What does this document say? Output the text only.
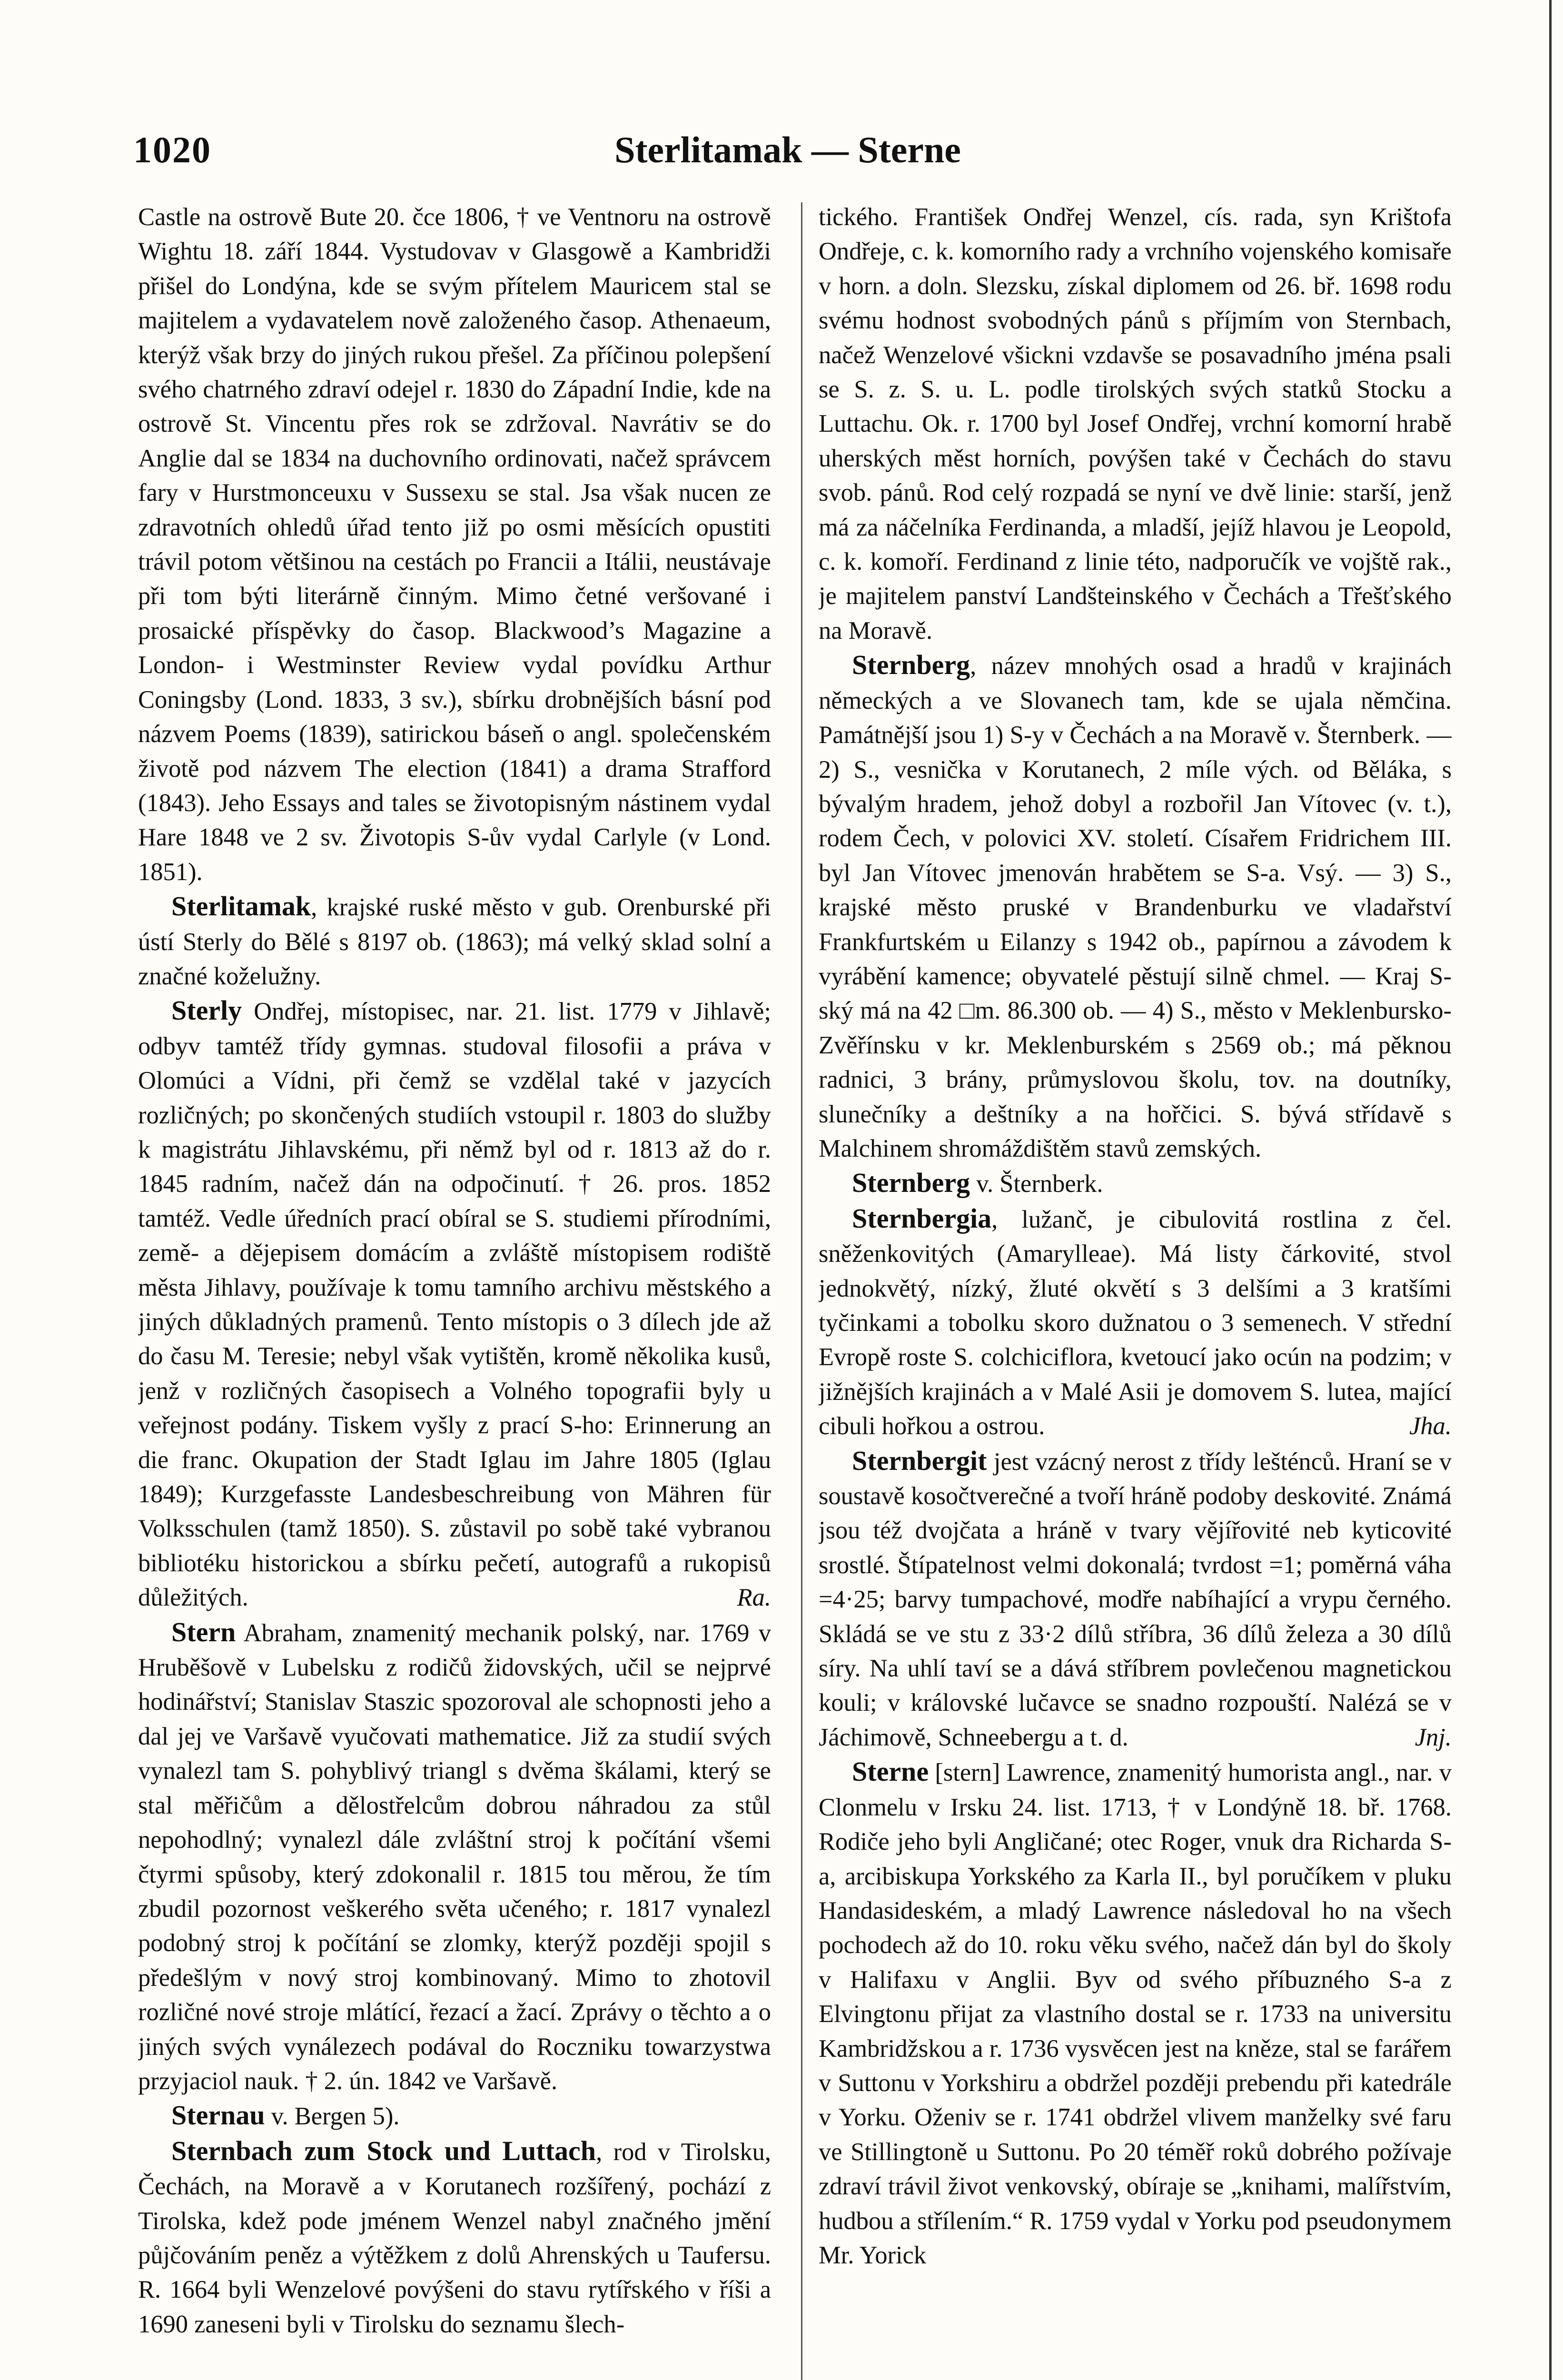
1020	Sterlitamak — Sterne

Castle na ostrově Bute 20. čce 1806, † ve Ventnoru na ostrově Wightu 18. září 1844. Vystudovav v Glasgowě a Kambridži přišel do Londýna, kde se svým přítelem Mauricem stal se majitelem a vydavatelem nově založeného časop. Athenaeum, kterýž však brzy do jiných rukou přešel. Za příčinou polepšení svého chatrného zdraví odejel r. 1830 do Západní Indie, kde na ostrově St. Vincentu přes rok se zdržoval. Navrátiv se do Anglie dal se 1834 na duchovního ordinovati, načež správcem fary v Hurstmonceuxu v Sussexu se stal. Jsa však nucen ze zdravotních ohledů úřad tento již po osmi měsících opustiti trávil potom většinou na cestách po Francii a Itálii, neustávaje při tom býti literárně činným. Mimo četné veršované i prosaické příspěvky do časop. Blackwood’s Magazine a London- i Westminster Review vydal povídku Arthur Coningsby (Lond. 1833, 3 sv.), sbírku drobnějších básní pod názvem Poems (1839), satirickou báseň o angl. společenském životě pod názvem The election (1841) a drama Strafford (1843). Jeho Essays and tales se životopisným nástinem vydal Hare 1848 ve 2 sv. Životopis S-ův vydal Carlyle (v Lond. 1851).

Sterlitamak, krajské ruské město v gub. Orenburské při ústí Sterly do Bělé s 8197 ob. (1863); má velký sklad solní a značné koželužny.

Sterly Ondřej, místopisec, nar. 21. list. 1779 v Jihlavě; odbyv tamtéž třídy gymnas. studoval filosofii a práva v Olomúci a Vídni, při čemž se vzdělal také v jazycích rozličných; po skončených studiích vstoupil r. 1803 do služby k magistrátu Jihlavskému, při němž byl od r. 1813 až do r. 1845 radním, načež dán na odpočinutí. † 26. pros. 1852 tamtéž. Vedle úředních prací obíral se S. studiemi přírodními, země- a dějepisem domácím a zvláště místopisem rodiště města Jihlavy, používaje k tomu tamního archivu městského a jiných důkladných pramenů. Tento místopis o 3 dílech jde až do času M. Teresie; nebyl však vytištěn, kromě několika kusů, jenž v rozličných časopisech a Volného topografii byly u veřejnost podány. Tiskem vyšly z prací S-ho: Erinnerung an die franc. Okupation der Stadt Iglau im Jahre 1805 (Iglau 1849); Kurzgefasste Landesbeschreibung von Mähren für Volksschulen (tamž 1850). S. zůstavil po sobě také vybranou bibliotéku historickou a sbírku pečetí, autografů a rukopisů důležitých.	Ra.

Stern Abraham, znamenitý mechanik polský, nar. 1769 v Hruběšově v Lubelsku z rodičů židovských, učil se nejprvé hodinářství; Stanislav Staszic spozoroval ale schopnosti jeho a dal jej ve Varšavě vyučovati mathematice. Již za studií svých vynalezl tam S. pohyblivý triangl s dvěma škálami, který se stal měřičům a dělostřelcům dobrou náhradou za stůl nepohodlný; vynalezl dále zvláštní stroj k počítání všemi čtyrmi spůsoby, který zdokonalil r. 1815 tou měrou, že tím zbudil pozornost veškerého světa učeného; r. 1817 vynalezl podobný stroj k počítání se zlomky, kterýž později spojil s předešlým v nový stroj kombinovaný. Mimo to zhotovil rozličné nové stroje mlátící, řezací a žací. Zprávy o těchto a o jiných svých vynálezech podával do Roczniku towarzystwa przyjaciol nauk. † 2. ún. 1842 ve Varšavě.

Sternau v. Bergen 5).

Sternbach zum Stock und Luttach, rod v Tirolsku, Čechách, na Moravě a v Korutanech rozšířený, pochází z Tirolska, kdež pode jménem Wenzel nabyl značného jmění půjčováním peněz a výtěžkem z dolů Ahrenských u Taufersu. R. 1664 byli Wenzelové povýšeni do stavu rytířského v říši a 1690 zaneseni byli v Tirolsku do seznamu šlech-

tického. František Ondřej Wenzel, cís. rada, syn Krištofa Ondřeje, c. k. komorního rady a vrchního vojenského komisaře v horn. a doln. Slezsku, získal diplomem od 26. bř. 1698 rodu svému hodnost svobodných pánů s příjmím von Sternbach, načež Wenzelové všickni vzdavše se posavadního jména psali se S. z. S. u. L. podle tirolských svých statků Stocku a Luttachu. Ok. r. 1700 byl Josef Ondřej, vrchní komorní hrabě uherských měst horních, povýšen také v Čechách do stavu svob. pánů. Rod celý rozpadá se nyní ve dvě linie: starší, jenž má za náčelníka Ferdinanda, a mladší, jejíž hlavou je Leopold, c. k. komoří. Ferdinand z linie této, nadporučík ve vojště rak., je majitelem panství Landšteinského v Čechách a Třešťského na Moravě.

Sternberg, název mnohých osad a hradů v krajinách německých a ve Slovanech tam, kde se ujala němčina. Památnější jsou 1) S-y v Čechách a na Moravě v. Šternberk. — 2) S., vesnička v Korutanech, 2 míle vých. od Běláka, s bývalým hradem, jehož dobyl a rozbořil Jan Vítovec (v. t.), rodem Čech, v polovici XV. století. Císařem Fridrichem III. byl Jan Vítovec jmenován hrabětem se S-a. Vsý. — 3) S., krajské město pruské v Brandenburku ve vladařství Frankfurtském u Eilanzy s 1942 ob., papírnou a závodem k vyrábění kamence; obyvatelé pěstují silně chmel. — Kraj S-ský má na 42 □m. 86.300 ob. — 4) S., město v Meklenbursko-Zvěřínsku v kr. Meklenburském s 2569 ob.; má pěknou radnici, 3 brány, průmyslovou školu, tov. na doutníky, slunečníky a deštníky a na hořčici. S. bývá střídavě s Malchinem shromáždištěm stavů zemských.

Sternberg v. Šternberk.

Sternbergia, lužanč, je cibulovitá rostlina z čel. sněženkovitých (Amarylleae). Má listy čárkovité, stvol jednokvětý, nízký, žluté okvětí s 3 delšími a 3 kratšími tyčinkami a tobolku skoro dužnatou o 3 semenech. V střední Evropě roste S. colchiciflora, kvetoucí jako ocún na podzim; v jižnějších krajinách a v Malé Asii je domovem S. lutea, mající cibuli hořkou a ostrou.	Jha.

Sternbergit jest vzácný nerost z třídy lešténců. Hraní se v soustavě kosočtverečné a tvoří hráně podoby deskovité. Známá jsou též dvojčata a hráně v tvary vějířovité neb kyticovité srostlé. Štípatelnost velmi dokonalá; tvrdost =1; poměrná váha =4·25; barvy tumpachové, modře nabíhající a vrypu černého. Skládá se ve stu z 33·2 dílů stříbra, 36 dílů železa a 30 dílů síry. Na uhlí taví se a dává stříbrem povlečenou magnetickou kouli; v královské lučavce se snadno rozpouští. Nalézá se v Jáchimově, Schneebergu a t. d.	Jnj.

Sterne [stern] Lawrence, znamenitý humorista angl., nar. v Clonmelu v Irsku 24. list. 1713, † v Londýně 18. bř. 1768. Rodiče jeho byli Angličané; otec Roger, vnuk dra Richarda S-a, arcibiskupa Yorkského za Karla II., byl poručíkem v pluku Handasideském, a mladý Lawrence následoval ho na všech pochodech až do 10. roku věku svého, načež dán byl do školy v Halifaxu v Anglii. Byv od svého příbuzného S-a z Elvingtonu přijat za vlastního dostal se r. 1733 na universitu Kambridžskou a r. 1736 vysvěcen jest na kněze, stal se farářem v Suttonu v Yorkshiru a obdržel později prebendu při katedrále v Yorku. Oženiv se r. 1741 obdržel vlivem manželky své faru ve Stillingtoně u Suttonu. Po 20 téměř roků dobrého požívaje zdraví trávil život venkovský, obíraje se „knihami, malířstvím, hudbou a střílením.“ R. 1759 vydal v Yorku pod pseudonymem Mr. Yorick
